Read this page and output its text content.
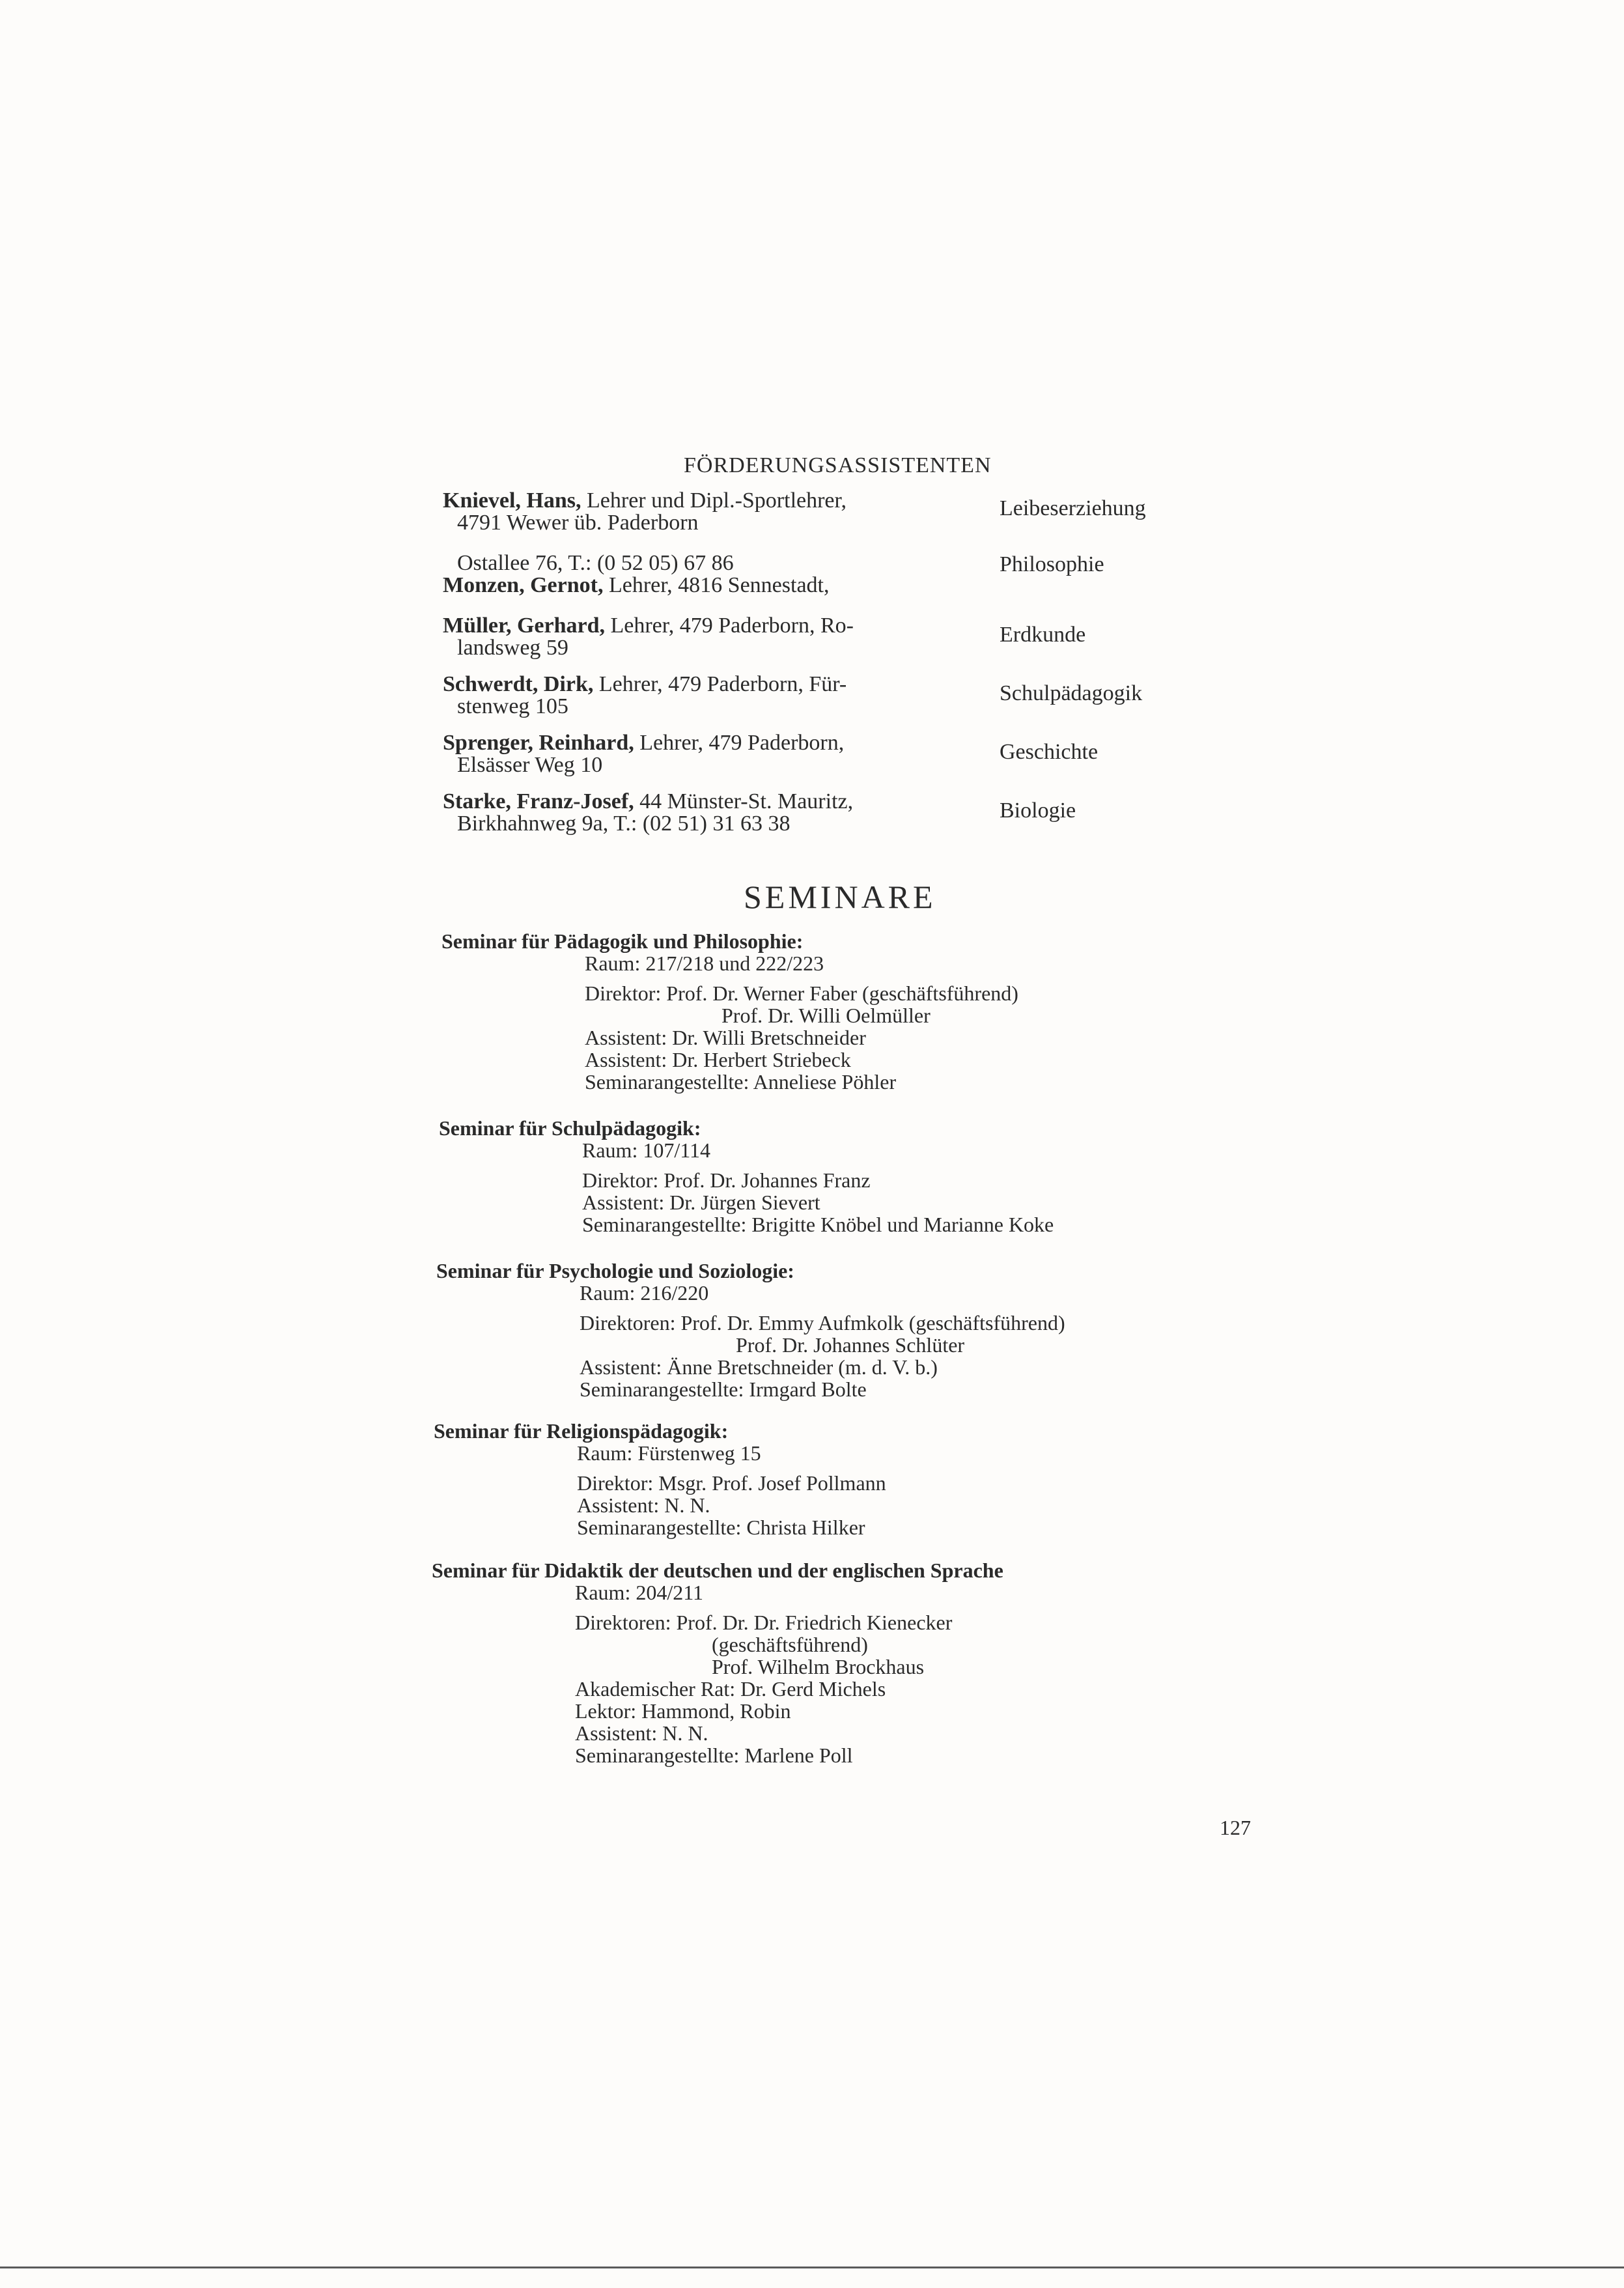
FÖRDERUNGSASSISTENTEN
Knievel, Hans, Lehrer und Dipl.-Sportlehrer,
4791 Wewer üb. Paderborn
Leibeserziehung
Ostallee 76, T.: (0 52 05) 67 86	Philosophie
Monzen, Gernot, Lehrer, 4816 Sennestadt,
Müller, Gerhard, Lehrer, 479 Paderborn, Ro-
landsweg 59
Erdkunde
Schwerdt, Dirk, Lehrer, 479 Paderborn, Für-
stenweg 105
Schulpädagogik
Sprenger, Reinhard, Lehrer, 479 Paderborn,
Elsässer Weg 10
Geschichte
Starke, Franz-Josef, 44 Münster-St. Mauritz,
Birkhahnweg 9a, T.: (02 51) 31 63 38
Biologie
SEMINARE
Seminar für Pädagogik und Philosophie:
Raum: 217/218 und 222/223
Direktor: Prof. Dr. Werner Faber (geschäftsführend)
Prof. Dr. Willi Oelmüller
Assistent: Dr. Willi Bretschneider
Assistent: Dr. Herbert Striebeck
Seminarangestellte: Anneliese Pöhler
Seminar für Schulpädagogik:
Raum: 107/114
Direktor: Prof. Dr. Johannes Franz
Assistent: Dr. Jürgen Sievert
Seminarangestellte: Brigitte Knöbel und Marianne Koke
Seminar für Psychologie und Soziologie:
Raum: 216/220
Direktoren: Prof. Dr. Emmy Aufmkolk (geschäftsführend)
Prof. Dr. Johannes Schlüter
Assistent: Änne Bretschneider (m. d. V. b.)
Seminarangestellte: Irmgard Bolte
Seminar für Religionspädagogik:
Raum: Fürstenweg 15
Direktor: Msgr. Prof. Josef Pollmann
Assistent: N. N.
Seminarangestellte: Christa Hilker
Seminar für Didaktik der deutschen und der englischen Sprache
Raum: 204/211
Direktoren: Prof. Dr. Dr. Friedrich Kienecker
(geschäftsführend)
Prof. Wilhelm Brockhaus
Akademischer Rat: Dr. Gerd Michels
Lektor: Hammond, Robin
Assistent: N. N.
Seminarangestellte: Marlene Poll
127
